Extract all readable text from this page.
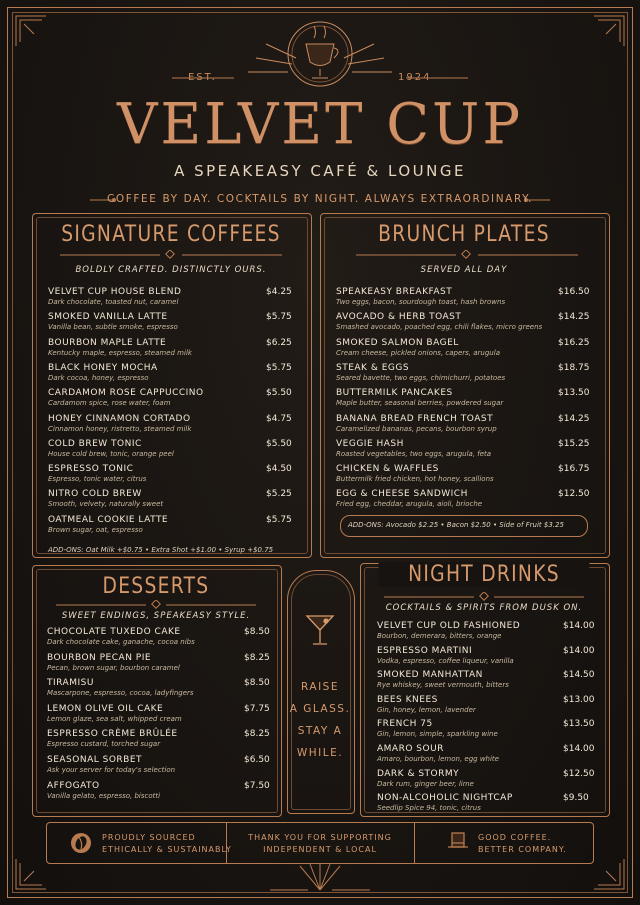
EST.	1924
VELVET CUP
A SPEAKEASY CAFÉ & LOUNGE
COFFEE BY DAY. COCKTAILS BY NIGHT. ALWAYS EXTRAORDINARY.
SIGNATURE COFFEES
BOLDLY CRAFTED. DISTINCTLY OURS.
VELVET CUP HOUSE BLEND
Dark chocolate, toasted nut, caramel
$4.25
SMOKED VANILLA LATTE
Vanilla bean, subtle smoke, espresso
$5.75
BOURBON MAPLE LATTE
Kentucky maple, espresso, steamed milk
$6.25
BLACK HONEY MOCHA
Dark cocoa, honey, espresso
$5.75
CARDAMOM ROSE CAPPUCCINO
Cardamom spice, rose water, foam
$5.50
HONEY CINNAMON CORTADO
Cinnamon honey, ristretto, steamed milk
$4.75
COLD BREW TONIC
House cold brew, tonic, orange peel
$5.50
ESPRESSO TONIC
Espresso, tonic water, citrus
$4.50
NITRO COLD BREW
Smooth, velvety, naturally sweet
$5.25
OATMEAL COOKIE LATTE
Brown sugar, oat, espresso
$5.75
ADD-ONS: Oat Milk +$0.75 • Extra Shot +$1.00 • Syrup +$0.75
BRUNCH PLATES
SERVED ALL DAY
SPEAKEASY BREAKFAST
Two eggs, bacon, sourdough toast, hash browns
$16.50
AVOCADO & HERB TOAST
Smashed avocado, poached egg, chili flakes, micro greens
$14.25
SMOKED SALMON BAGEL
Cream cheese, pickled onions, capers, arugula
$16.25
STEAK & EGGS
Seared bavette, two eggs, chimichurri, potatoes
$18.75
BUTTERMILK PANCAKES
Maple butter, seasonal berries, powdered sugar
$13.50
BANANA BREAD FRENCH TOAST
Caramelized bananas, pecans, bourbon syrup
$14.25
VEGGIE HASH
Roasted vegetables, two eggs, arugula, feta
$15.25
CHICKEN & WAFFLES
Buttermilk fried chicken, hot honey, scallions
$16.75
EGG & CHEESE SANDWICH
Fried egg, cheddar, arugula, aioli, brioche
$12.50
ADD-ONS: Avocado $2.25 • Bacon $2.50 • Side of Fruit $3.25
DESSERTS
SWEET ENDINGS, SPEAKEASY STYLE.
CHOCOLATE TUXEDO CAKE
Dark chocolate cake, ganache, cocoa nibs
$8.50
BOURBON PECAN PIE
Pecan, brown sugar, bourbon caramel
$8.25
TIRAMISU
Mascarpone, espresso, cocoa, ladyfingers
$8.50
LEMON OLIVE OIL CAKE
Lemon glaze, sea salt, whipped cream
$7.75
ESPRESSO CRÈME BRÛLÉE
Espresso custard, torched sugar
$8.25
SEASONAL SORBET
Ask your server for today's selection
$6.50
AFFOGATO
Vanilla gelato, espresso, biscotti
$7.50
RAISE
A GLASS.
STAY A
WHILE.
NIGHT DRINKS
COCKTAILS & SPIRITS FROM DUSK ON.
VELVET CUP OLD FASHIONED
Bourbon, demerara, bitters, orange
$14.00
ESPRESSO MARTINI
Vodka, espresso, coffee liqueur, vanilla
$14.00
SMOKED MANHATTAN
Rye whiskey, sweet vermouth, bitters
$14.50
BEES KNEES
Gin, honey, lemon, lavender
$13.00
FRENCH 75
Gin, lemon, simple, sparkling wine
$13.50
AMARO SOUR
Amaro, bourbon, lemon, egg white
$14.00
DARK & STORMY
Dark rum, ginger beer, lime
$12.50
NON-ALCOHOLIC NIGHTCAP
Seedlip Spice 94, tonic, citrus
$9.50
PROUDLY SOURCED
ETHICALLY & SUSTAINABLY
THANK YOU FOR SUPPORTING
INDEPENDENT & LOCAL
GOOD COFFEE.
BETTER COMPANY.
